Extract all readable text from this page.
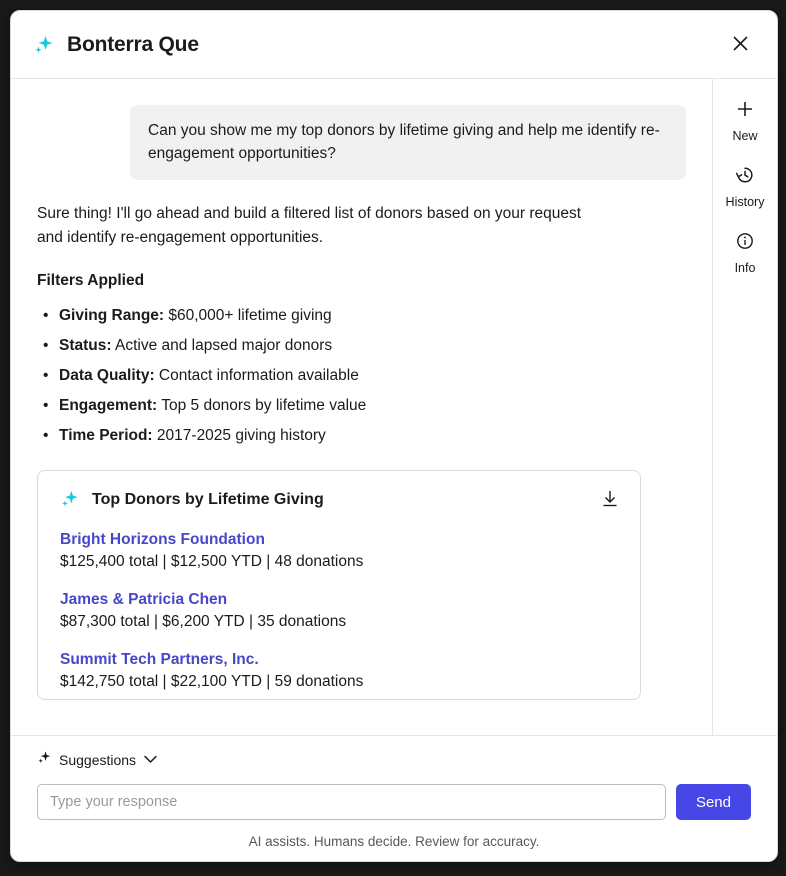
Bonterra Que
Can you show me my top donors by lifetime giving and help me identify re-engagement opportunities?
Sure thing! I'll go ahead and build a filtered list of donors based on your request and identify re-engagement opportunities.
Filters Applied
• Giving Range: $60,000+ lifetime giving
• Status: Active and lapsed major donors
• Data Quality: Contact information available
• Engagement: Top 5 donors by lifetime value
• Time Period: 2017-2025 giving history
Top Donors by Lifetime Giving
Bright Horizons Foundation
$125,400 total | $12,500 YTD | 48 donations
James & Patricia Chen
$87,300 total | $6,200 YTD | 35 donations
Summit Tech Partners, Inc.
$142,750 total | $22,100 YTD | 59 donations
New
History
Info
Suggestions
Type your response
Send
AI assists. Humans decide. Review for accuracy.
